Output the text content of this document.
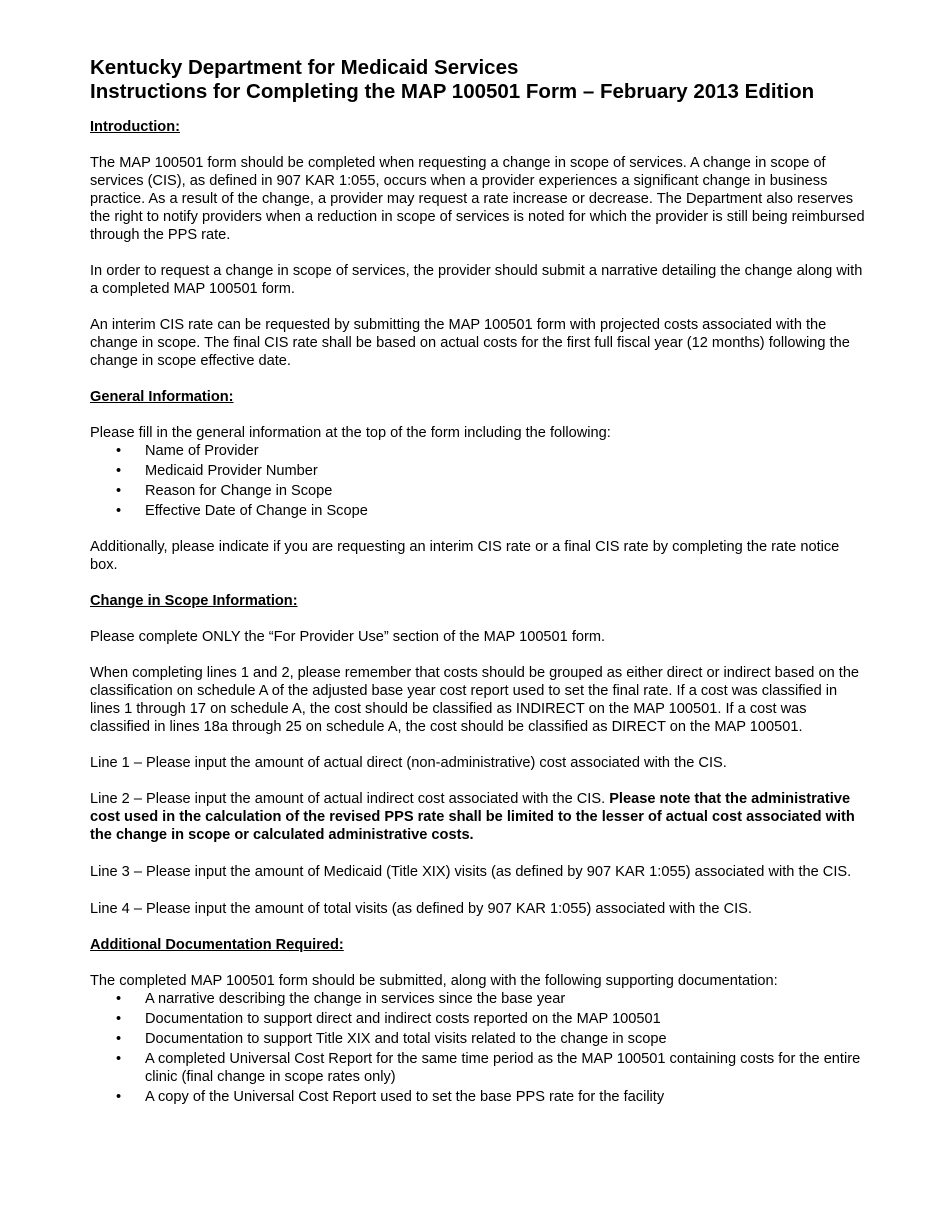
Kentucky Department for Medicaid Services
Instructions for Completing the MAP 100501 Form – February 2013 Edition
Introduction:

The MAP 100501 form should be completed when requesting a change in scope of services. A change in scope of services (CIS), as defined in 907 KAR 1:055, occurs when a provider experiences a significant change in business practice. As a result of the change, a provider may request a rate increase or decrease. The Department also reserves the right to notify providers when a reduction in scope of services is noted for which the provider is still being reimbursed through the PPS rate.

In order to request a change in scope of services, the provider should submit a narrative detailing the change along with a completed MAP 100501 form.

An interim CIS rate can be requested by submitting the MAP 100501 form with projected costs associated with the change in scope. The final CIS rate shall be based on actual costs for the first full fiscal year (12 months) following the change in scope effective date.

General Information:

Please fill in the general information at the top of the form including the following:

• Name of Provider
• Medicaid Provider Number
• Reason for Change in Scope
• Effective Date of Change in Scope

Additionally, please indicate if you are requesting an interim CIS rate or a final CIS rate by completing the rate notice box.

Change in Scope Information:

Please complete ONLY the “For Provider Use” section of the MAP 100501 form.

When completing lines 1 and 2, please remember that costs should be grouped as either direct or indirect based on the classification on schedule A of the adjusted base year cost report used to set the final rate. If a cost was classified in lines 1 through 17 on schedule A, the cost should be classified as INDIRECT on the MAP 100501. If a cost was classified in lines 18a through 25 on schedule A, the cost should be classified as DIRECT on the MAP 100501.

Line 1 – Please input the amount of actual direct (non-administrative) cost associated with the CIS.

Line 2 – Please input the amount of actual indirect cost associated with the CIS. Please note that the administrative cost used in the calculation of the revised PPS rate shall be limited to the lesser of actual cost associated with the change in scope or calculated administrative costs.

Line 3 – Please input the amount of Medicaid (Title XIX) visits (as defined by 907 KAR 1:055) associated with the CIS.

Line 4 – Please input the amount of total visits (as defined by 907 KAR 1:055) associated with the CIS.

Additional Documentation Required:

The completed MAP 100501 form should be submitted, along with the following supporting documentation:

• A narrative describing the change in services since the base year
• Documentation to support direct and indirect costs reported on the MAP 100501
• Documentation to support Title XIX and total visits related to the change in scope
• A completed Universal Cost Report for the same time period as the MAP 100501 containing costs for the entire clinic (final change in scope rates only)
• A copy of the Universal Cost Report used to set the base PPS rate for the facility
